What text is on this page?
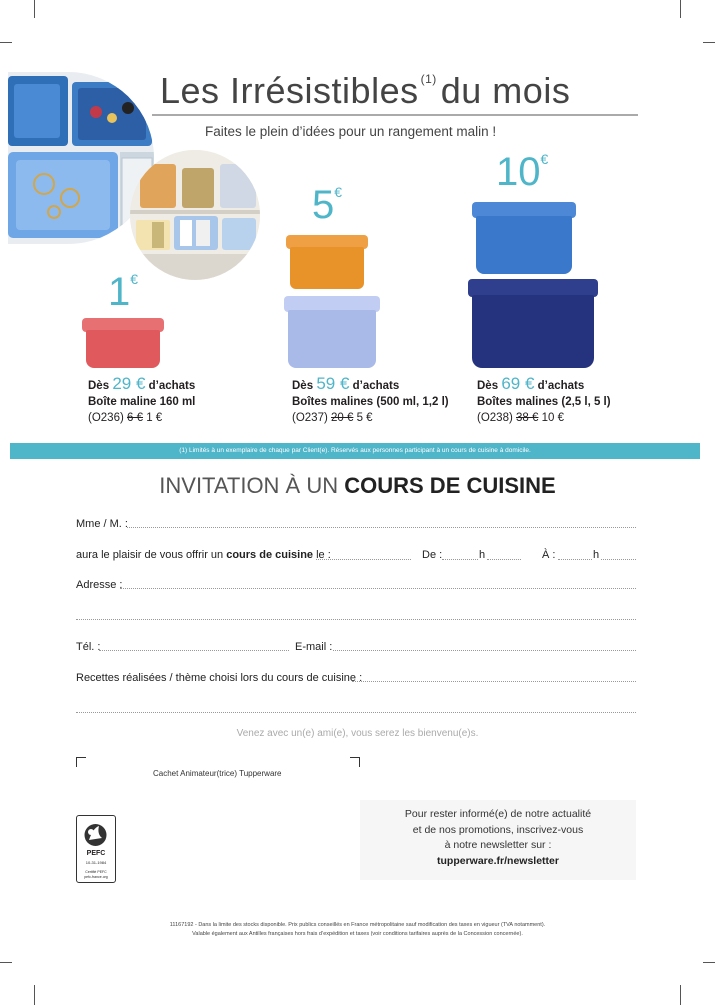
Les Irrésistibles $^{(1)}$ du mois
Faites le plein d’idées pour un rangement malin !
1€
5€	10€
Dès 29 € d’achats
Boîte maline 160 ml
(O236) 6 € 1 €
Dès 59 € d’achats
Boîtes malines (500 ml, 1,2 l)
(O237) 20 € 5 €
Dès 69 € d’achats
Boîtes malines (2,5 l, 5 l)
(O238) 38 € 10 €
(1) Limités à un exemplaire de chaque par Client(e). Réservés aux personnes participant à un cours de cuisine à domicile.
INVITATION À UN COURS DE CUISINE
Mme / M. :
aura le plaisir de vous offrir un cours de cuisine le :	De :	h	À :	h
Adresse :
Tél. :	E-mail :
Recettes réalisées / thème choisi lors du cours de cuisine :
Venez avec un(e) ami(e), vous serez les bienvenu(e)s.
Cachet Animateur(trice) Tupperware
PEFC
10-31-1984
Certifié PEFC
pefc-france.org
Pour rester informé(e) de notre actualité
et de nos promotions, inscrivez-vous
à notre newsletter sur :
tupperware.fr/newsletter
11167192 - Dans la limite des stocks disponible. Prix publics conseillés en France métropolitaine sauf modification des taxes en vigueur (TVA notamment).
Valable également aux Antilles françaises hors frais d’expédition et taxes (voir conditions tarifaires auprès de la Concession concernée).
